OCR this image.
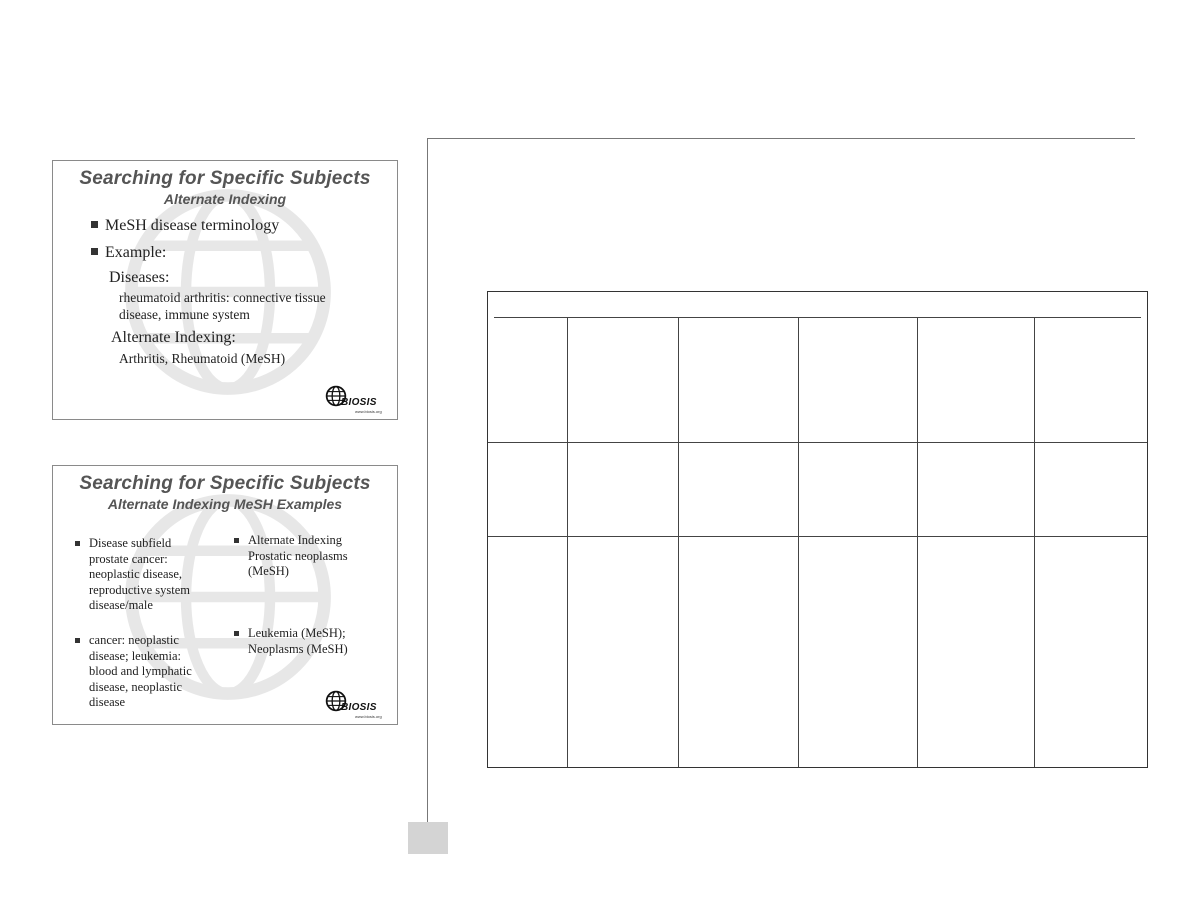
Searching for Specific Subjects
Alternate Indexing
MeSH disease terminology
Example:
Diseases:
rheumatoid arthritis: connective tissue
disease, immune system
Alternate Indexing:
Arthritis, Rheumatoid (MeSH)
BIOSIS
www.biosis.org
Searching for Specific Subjects
Alternate Indexing MeSH Examples
Disease subfield
prostate cancer:
neoplastic disease,
reproductive system
disease/male
cancer: neoplastic
disease; leukemia:
blood and lymphatic
disease, neoplastic
disease
Alternate Indexing
Prostatic neoplasms
(MeSH)
Leukemia (MeSH);
Neoplasms (MeSH)
BIOSIS
www.biosis.org
